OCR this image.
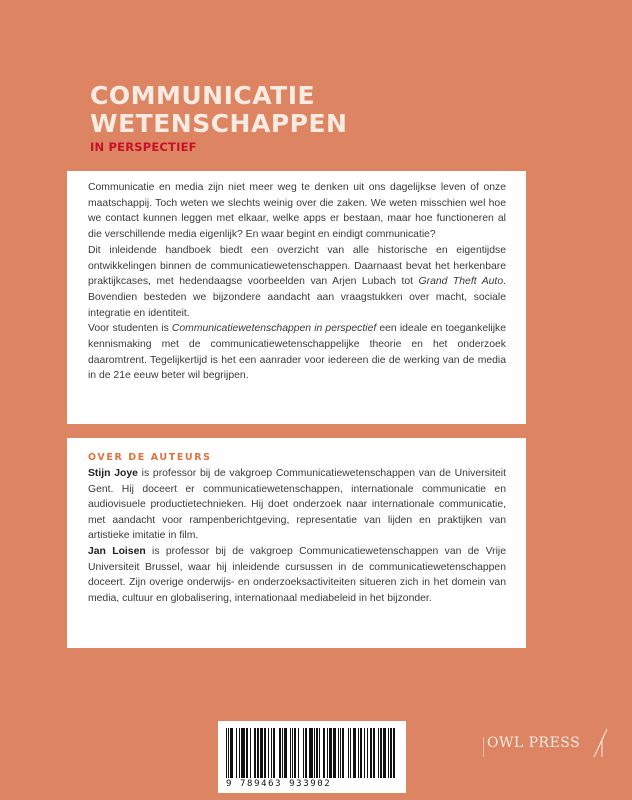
COMMUNICATIE
WETENSCHAPPEN
IN PERSPECTIEF

Communicatie en media zijn niet meer weg te denken uit ons dagelijkse leven of onze maatschappij. Toch weten we slechts weinig over die zaken. We weten misschien wel hoe we contact kunnen leggen met elkaar, welke apps er bestaan, maar hoe functioneren al die verschillende media eigenlijk? En waar begint en eindigt communicatie?

Dit inleidende handboek biedt een overzicht van alle historische en eigentijdse ontwikkelingen binnen de communicatiewetenschappen. Daarnaast bevat het herkenbare praktijkcases, met hedendaagse voorbeelden van Arjen Lubach tot Grand Theft Auto. Bovendien besteden we bijzondere aandacht aan vraagstukken over macht, sociale integratie en identiteit.

Voor studenten is Communicatiewetenschappen in perspectief een ideale en toegankelijke kennismaking met de communicatiewetenschappelijke theorie en het onderzoek daaromtrent. Tegelijkertijd is het een aanrader voor iedereen die de werking van de media in de 21e eeuw beter wil begrijpen.

OVER DE AUTEURS

Stijn Joye is professor bij de vakgroep Communicatiewetenschappen van de Universiteit Gent. Hij doceert er communicatiewetenschappen, internationale communicatie en audiovisuele productietechnieken. Hij doet onderzoek naar internationale communicatie, met aandacht voor rampenberichtgeving, representatie van lijden en praktijken van artistieke imitatie in film.

Jan Loisen is professor bij de vakgroep Communicatiewetenschappen van de Vrije Universiteit Brussel, waar hij inleidende cursussen in de communicatiewetenschappen doceert. Zijn overige onderwijs- en onderzoeksactiviteiten situeren zich in het domein van media, cultuur en globalisering, internationaal mediabeleid in het bijzonder.

9 789463 933902
OWL PRESS
